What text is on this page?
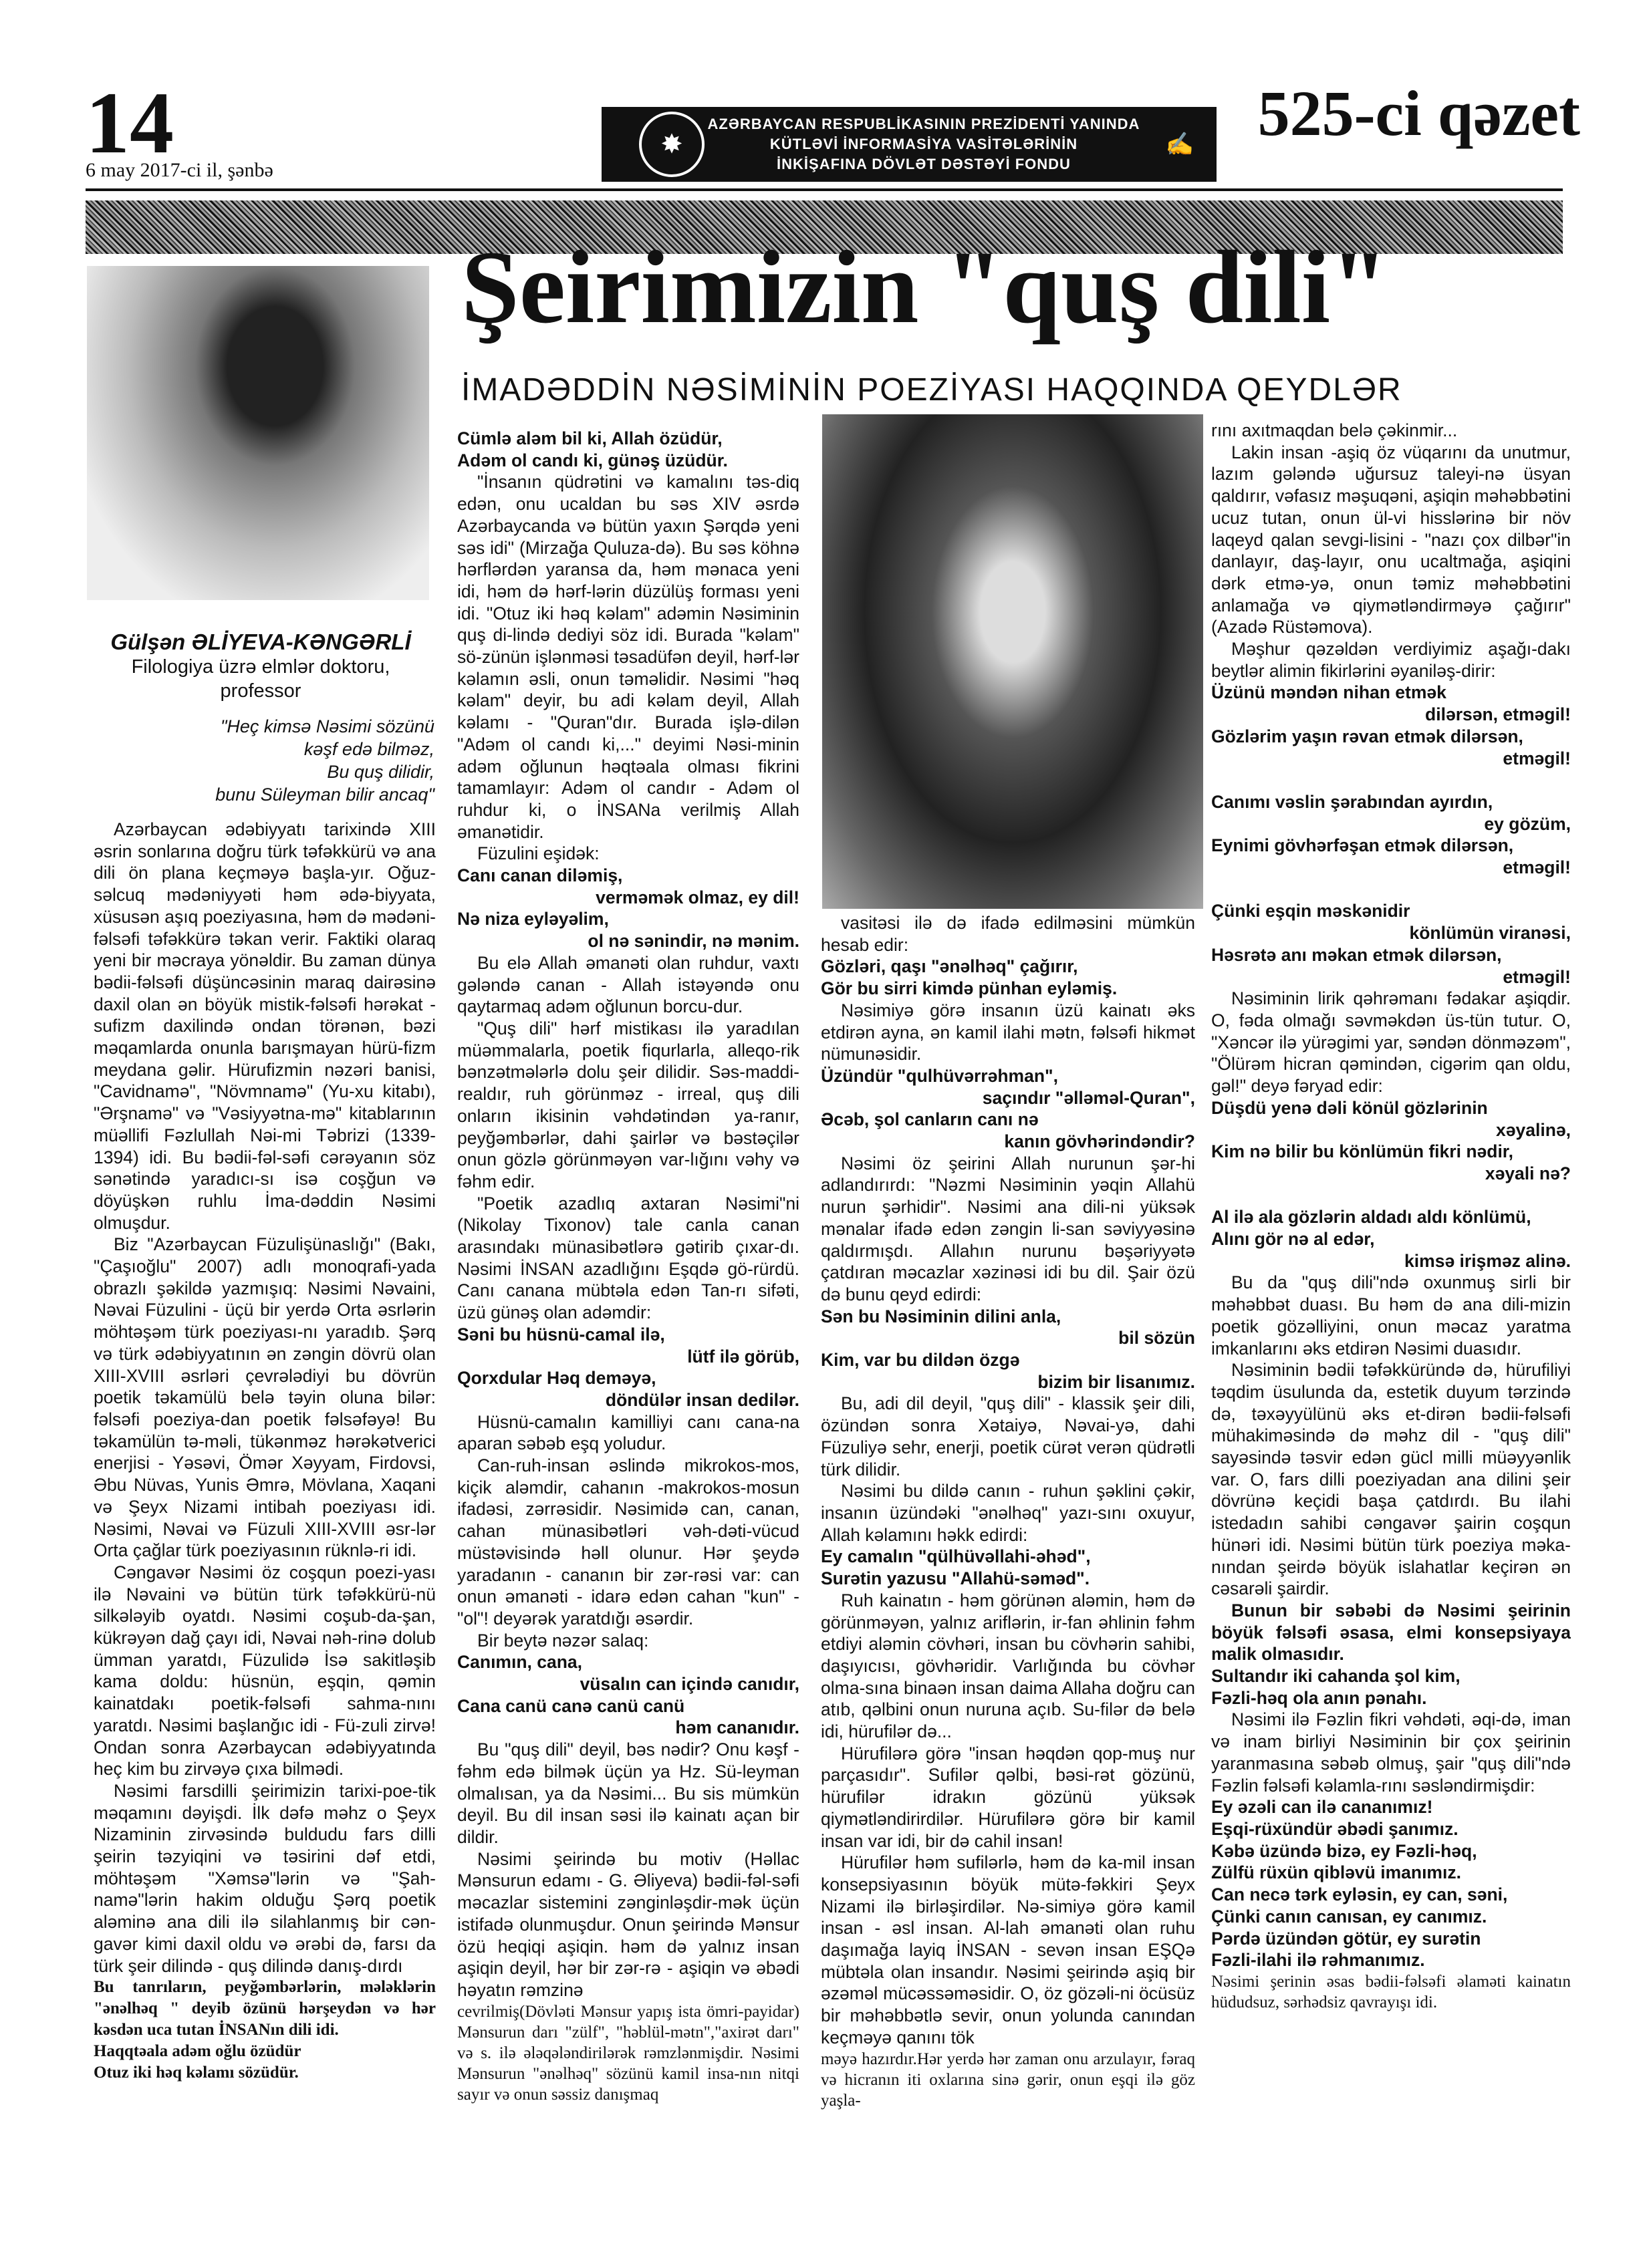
14
6 may 2017-ci il, şənbə
✸
AZƏRBAYCAN RESPUBLİKASININ PREZİDENTİ YANINDA
KÜTLƏVİ İNFORMASİYA VASİTƏLƏRİNİN
İNKİŞAFINA DÖVLƏT DƏSTƏYİ FONDU
✍ 525-ci qəzet
Gülşən ƏLİYEVA-KƏNGƏRLİ
Filologiya üzrə elmlər doktoru,
professor
"Heç kimsə Nəsimi sözünü
kəşf edə bilməz,
Bu quş dilidir,
bunu Süleyman bilir ancaq"
Şeirimizin "quş dili"
İMADƏDDİN NƏSİMİNİN POEZİYASI HAQQINDA QEYDLƏR

Azərbaycan ədəbiyyatı tarixində XIII əsrin sonlarına doğru türk təfəkkürü və ana dili ön plana keçməyə başla-yır. Oğuz-səlcuq mədəniyyəti həm ədə-biyyata, xüsusən aşıq poeziyasına, həm də mədəni-fəlsəfi təfəkkürə təkan verir. Faktiki olaraq yeni bir məcraya yönəldir. Bu zaman dünya bədii-fəlsəfi düşüncəsinin maraq dairəsinə daxil olan ən böyük mistik-fəlsəfi hərəkat - sufizm daxilində ondan törənən, bəzi məqamlarda onunla barışmayan hürü-fizm meydana gəlir. Hürufizmin nəzəri banisi, "Cavidnamə", "Növmnamə" (Yu-xu kitabı), "Ərşnamə" və "Vəsiyyətna-mə" kitablarının müəllifi Fəzlullah Nəi-mi Təbrizi (1339-1394) idi. Bu bədii-fəl-səfi cərəyanın söz sənətində yaradıcı-sı isə coşğun və döyüşkən ruhlu İma-dəddin Nəsimi olmuşdur.

Biz "Azərbaycan Füzulişünaslığı" (Bakı, "Çaşıoğlu" 2007) adlı monoqrafi-yada obrazlı şəkildə yazmışıq: Nəsimi Nəvaini, Nəvai Füzulini - üçü bir yerdə Orta əsrlərin möhtəşəm türk poeziyası-nı yaradıb. Şərq və türk ədəbiyyatının ən zəngin dövrü olan XIII-XVIII əsrləri çevrələdiyi bu dövrün poetik təkamülü belə təyin oluna bilər: fəlsəfi poeziya-dan poetik fəlsəfəyə! Bu təkamülün tə-məli, tükənməz hərəkətverici enerjisi - Yəsəvi, Ömər Xəyyam, Firdovsi, Əbu Nüvas, Yunis Əmrə, Mövlana, Xaqani və Şeyx Nizami intibah poeziyası idi. Nəsimi, Nəvai və Füzuli XIII-XVIII əsr-lər Orta çağlar türk poeziyasının rüknlə-ri idi.

Cəngavər Nəsimi öz coşqun poezi-yası ilə Nəvaini və bütün türk təfəkkürü-nü silkələyib oyatdı. Nəsimi coşub-da-şan, kükrəyən dağ çayı idi, Nəvai nəh-rinə dolub ümman yaratdı, Füzulidə İsə sakitləşib kama doldu: hüsnün, eşqin, qəmin kainatdakı poetik-fəlsəfi sahma-nını yaratdı. Nəsimi başlanğıc idi - Fü-zuli zirvə! Ondan sonra Azərbaycan ədəbiyyatında heç kim bu zirvəyə çıxa bilmədi.

Nəsimi farsdilli şeirimizin tarixi-poe-tik məqamını dəyişdi. İlk dəfə məhz o Şeyx Nizaminin zirvəsində buldudu fars dilli şeirin təzyiqini və təsirini dəf etdi, möhtəşəm "Xəmsə"lərin və "Şah-namə"lərin hakim olduğu Şərq poetik aləminə ana dili ilə silahlanmış bir cən-gavər kimi daxil oldu və ərəbi də, farsı da türk şeir dilində - quş dilində danış-dırdı

Bu tanrıların, peyğəmbərlərin, mələklərin "ənəlhəq " deyib özünü hərşeydən və hər kəsdən uca tutan İNSANın dili idi.

Haqqtəala adəm oğlu özüdür

Otuz iki həq kəlamı sözüdür.

Cümlə aləm bil ki, Allah özüdür,

Adəm ol candı ki, günəş üzüdür.

"İnsanın qüdrətini və kamalını təs-diq edən, onu ucaldan bu səs XIV əsrdə Azərbaycanda və bütün yaxın Şərqdə yeni səs idi" (Mirzağa Quluza-də). Bu səs köhnə hərflərdən yaransa da, həm mənaca yeni idi, həm də hərf-lərin düzülüş forması yeni idi. "Otuz iki həq kəlam" adəmin Nəsiminin quş di-lində dediyi söz idi. Burada "kəlam" sö-zünün işlənməsi təsadüfən deyil, hərf-lər kəlamın əsli, onun təməlidir. Nəsimi "həq kəlam" deyir, bu adi kəlam deyil, Allah kəlamı - "Quran"dır. Burada işlə-dilən "Adəm ol candı ki,..." deyimi Nəsi-minin adəm oğlunun həqtəala olması fikrini tamamlayır: Adəm ol candır - Adəm ol ruhdur ki, o İNSANa verilmiş Allah əmanətidir.

Füzulini eşidək:

Canı canan diləmiş,

verməmək olmaz, ey dil!

Nə niza eyləyəlim,

ol nə sənindir, nə mənim.

Bu elə Allah əmanəti olan ruhdur, vaxtı gələndə canan - Allah istəyəndə onu qaytarmaq adəm oğlunun borcu-dur.

"Quş dili" hərf mistikası ilə yaradılan müəmmalarla, poetik fiqurlarla, alleqo-rik bənzətmələrlə dolu şeir dilidir. Səs-maddi- realdır, ruh görünməz - irreal, quş dili onların ikisinin vəhdətindən ya-ranır, peyğəmbərlər, dahi şairlər və bəstəçilər onun gözlə görünməyən var-lığını vəhy və fəhm edir.

"Poetik azadlıq axtaran Nəsimi"ni (Nikolay Tixonov) tale canla canan arasındakı münasibətlərə gətirib çıxar-dı. Nəsimi İNSAN azadlığını Eşqdə gö-rürdü. Canı canana mübtəla edən Tan-rı sifəti, üzü günəş olan adəmdir:

Səni bu hüsnü-camal ilə,

lütf ilə görüb,

Qorxdular Həq deməyə,

döndülər insan dedilər.

Hüsnü-camalın kamilliyi canı cana-na aparan səbəb eşq yoludur.

Can-ruh-insan əslində mikrokos-mos, kiçik aləmdir, cahanın -makrokos-mosun ifadəsi, zərrəsidir. Nəsimidə can, canan, cahan münasibətləri vəh-dəti-vücud müstəvisində həll olunur. Hər şeydə yaradanın - cananın bir zər-rəsi var: can onun əmanəti - idarə edən cahan "kun" - "ol"! deyərək yaratdığı əsərdir.

Bir beytə nəzər salaq:

Canımın, cana,

vüsalın can içində canıdır,

Cana canü canə canü canü

həm cananıdır.

Bu "quş dili" deyil, bəs nədir? Onu kəşf - fəhm edə bilmək üçün ya Hz. Sü-leyman olmalısan, ya da Nəsimi... Bu sis mümkün deyil. Bu dil insan səsi ilə kainatı açan bir dildir.

Nəsimi şeirində bu motiv (Həllac Mənsurun edamı - G. Əliyeva) bədii-fəl-səfi məcazlar sistemini zənginləşdir-mək üçün istifadə olunmuşdur. Onun şeirində Mənsur özü heqiqi aşiqin. həm də yalnız insan aşiqin deyil, hər bir zər-rə - aşiqin və əbədi həyatın rəmzinə

cevrilmiş(Dövləti Mənsur yapış ista ömri-payidar) Mənsurun darı "zülf", "həblül-mətn","axirət darı" və s. ilə ələqələndirilərək rəmzlənmişdir. Nəsimi Mənsurun "ənəlhəq" sözünü kamil insa-nın nitqi sayır və onun səssiz danışmaq

vasitəsi ilə də ifadə edilməsini mümkün hesab edir:

Gözləri, qaşı "ənəlhəq" çağırır,

Gör bu sirri kimdə pünhan eyləmiş.

Nəsimiyə görə insanın üzü kainatı əks etdirən ayna, ən kamil ilahi mətn, fəlsəfi hikmət nümunəsidir.

Üzündür "qulhüvərrəhman",

saçındır "əlləməl-Quran",

Əcəb, şol canların canı nə

kanın gövhərindəndir?

Nəsimi öz şeirini Allah nurunun şər-hi adlandırırdı: "Nəzmi Nəsiminin yəqin Allahü nurun şərhidir". Nəsimi ana dili-ni yüksək mənalar ifadə edən zəngin li-san səviyyəsinə qaldırmışdı. Allahın nurunu bəşəriyyətə çatdıran məcazlar xəzinəsi idi bu dil. Şair özü də bunu qeyd edirdi:

Sən bu Nəsiminin dilini anla,

bil sözün

Kim, var bu dildən özgə

bizim bir lisanımız.

Bu, adi dil deyil, "quş dili" - klassik şeir dili, özündən sonra Xətaiyə, Nəvai-yə, dahi Füzuliyə sehr, enerji, poetik cürət verən qüdrətli türk dilidir.

Nəsimi bu dildə canın - ruhun şəklini çəkir, insanın üzündəki "ənəlhəq" yazı-sını oxuyur, Allah kəlamını həkk edirdi:

Ey camalın "qülhüvəllahi-əhəd",

Surətin yazusu "Allahü-səməd".

Ruh kainatın - həm görünən aləmin, həm də görünməyən, yalnız ariflərin, ir-fan əhlinin fəhm etdiyi aləmin cövhəri, insan bu cövhərin sahibi, daşıyıcısı, gövhəridir. Varlığında bu cövhər olma-sına binaən insan daima Allaha doğru can atıb, qəlbini onun nuruna açıb. Su-filər də belə idi, hürufilər də...

Hürufilərə görə "insan həqdən qop-muş nur parçasıdır". Sufilər qəlbi, bəsi-rət gözünü, hürufilər idrakın gözünü yüksək qiymətləndirirdilər. Hürufilərə görə bir kamil insan var idi, bir də cahil insan!

Hürufilər həm sufilərlə, həm də ka-mil insan konsepsiyasının böyük mütə-fəkkiri Şeyx Nizami ilə birləşirdilər. Nə-simiyə görə kamil insan - əsl insan. Al-lah əmanəti olan ruhu daşımağa layiq İNSAN - sevən insan EŞQə mübtəla olan insandır. Nəsimi şeirində aşiq bir əzəməl mücəssəməsidir. O, öz gözəli-ni öcüsüz bir məhəbbətlə sevir, onun yolunda canından keçməyə qanını tök

məyə hazırdır.Hər yerdə hər zaman onu arzulayır, fəraq və hicranın iti oxlarına sinə gərir, onun eşqi ilə göz yaşla-

rını axıtmaqdan belə çəkinmir...

Lakin insan -aşiq öz vüqarını da unutmur, lazım gələndə uğursuz taleyi-nə üsyan qaldırır, vəfasız məşuqəni, aşiqin məhəbbətini ucuz tutan, onun ül-vi hisslərinə bir növ laqeyd qalan sevgi-lisini - "nazı çox dilbər"in danlayır, daş-layır, onu ucaltmağa, aşiqini dərk etmə-yə, onun təmiz məhəbbətini anlamağa və qiymətləndirməyə çağırır" (Azadə Rüstəmova).

Məşhur qəzəldən verdiyimiz aşağı-dakı beytlər alimin fikirlərini əyanilәş-dirir:

Üzünü məndən nihan etmək

dilərsən, etmәgil!

Gözlərim yaşın rəvan etmək dilərsən,

etməgil!

Canımı vəslin şərabından ayırdın,

ey gözüm,

Eynimi gövhərfəşan etmək dilərsən,

etməgil!

Çünki eşqin məskənidir

könlümün viranəsi,

Həsrətə anı məkan etmək dilərsən,

etməgil!

Nəsiminin lirik qəhrəmanı fədakar aşiqdir. O, fəda olmağı səvməkdən üs-tün tutur. O, "Xəncər ilə yürəgimi yar, səndən dönməzəm", "Ölürəm hicran qəmindən, cigərim qan oldu, gəl!" deyə fəryad edir:

Düşdü yenə dəli könül gözlərinin

xəyalinə,

Kim nə bilir bu könlümün fikri nədir,

xəyali nə?

Al ilə ala gözlərin aldadı aldı könlümü,

Alını gör nə al edər,

kimsə irişməz alinə.

Bu da "quş dili"ndə oxunmuş sirli bir məhəbbət duası. Bu həm də ana dili-mizin poetik gözəlliyini, onun məcaz yaratma imkanlarını əks etdirən Nəsimi duasıdır.

Nəsiminin bədii təfəkküründə də, hürufiliyi təqdim üsulunda da, estetik duyum tərzində də, təxəyyülünü əks et-dirən bədii-fəlsəfi mühakiməsində də məhz dil - "quş dili" sayəsində təsvir edən gücl milli müəyyənlik var. O, fars dilli poeziyadan ana dilini şeir dövrünə keçidi başa çatdırdı. Bu ilahi istedadın sahibi cəngavər şairin coşqun hünəri idi. Nəsimi bütün türk poeziya məka-nından şeirdə böyük islahatlar keçirən ən cəsarəli şairdir.

Bunun bir səbəbi də Nəsimi şeirinin böyük fəlsəfi əsasa, elmi konsepsiyaya malik olmasıdır.

Sultandır iki cahanda şol kim,

Fəzli-həq ola anın pənahı.

Nəsimi ilə Fəzlin fikri vəhdəti, əqi-də, iman və inam birliyi Nəsiminin bir çox şeirinin yaranmasına səbəb olmuş, şair "quş dili"ndə Fəzlin fəlsəfi kəlamla-rını səsləndirmişdir:

Ey əzəli can ilə cananımız!

Eşqi-rüxündür əbədi şanımız.

Kəbə üzündə bizə, ey Fəzli-həq,

Zülfü rüxün qiblәvü imanımız.

Can necə tərk eyləsin, ey can, səni,

Çünki canın canısan, ey canımız.

Pərdə üzündən götür, ey surətin

Fəzli-ilahi ilə rəhmanımız.

Nəsimi şerinin əsas bədii-fəlsəfi əlaməti kainatın hüdudsuz, sərhədsiz qavrayışı idi.
